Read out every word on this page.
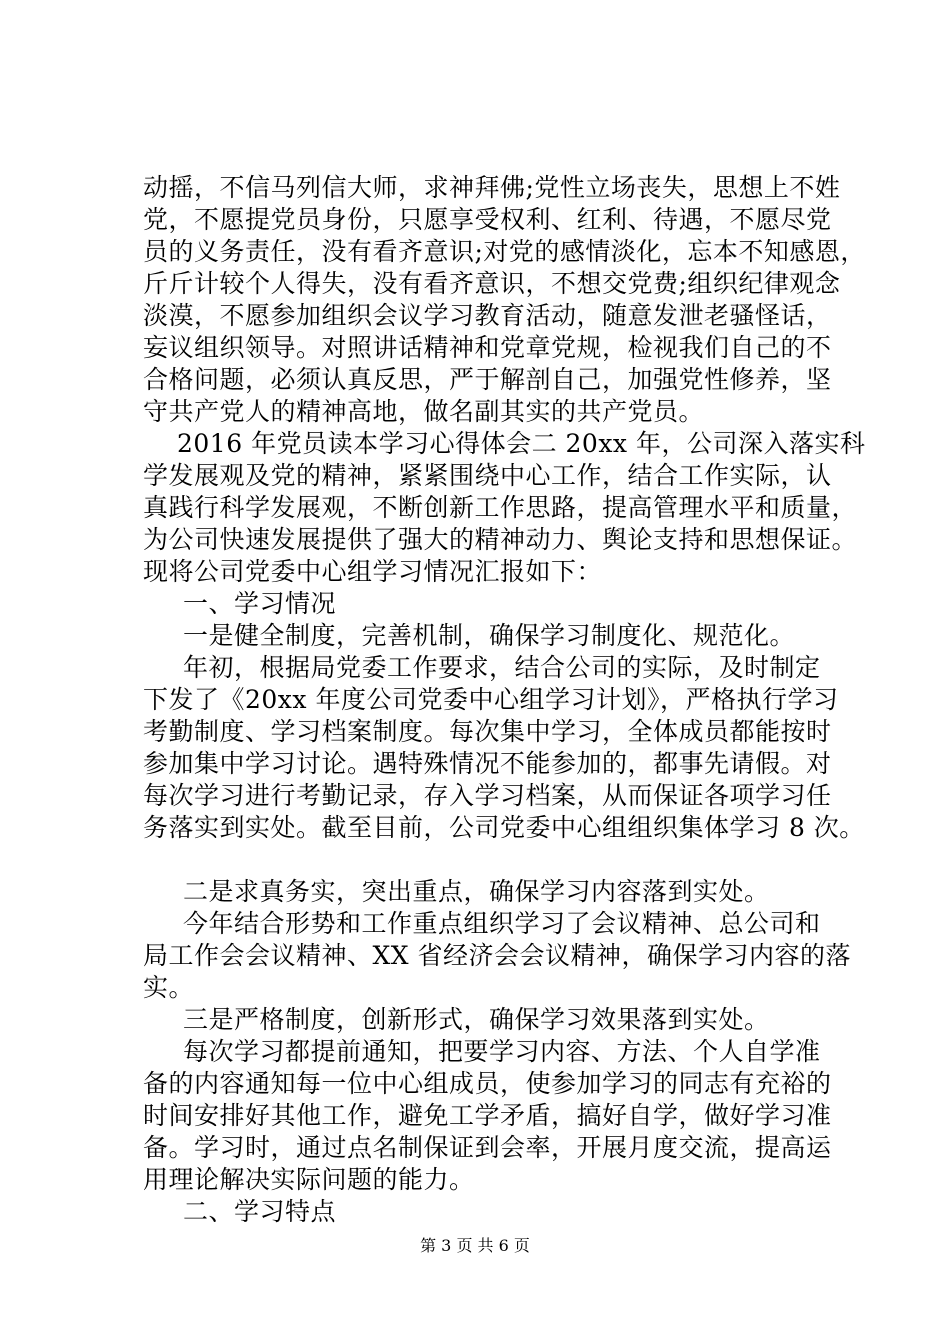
动摇，不信马列信大师，求神拜佛;党性立场丧失，思想上不姓
党，不愿提党员身份，只愿享受权利、红利、待遇，不愿尽党
员的义务责任，没有看齐意识;对党的感情淡化，忘本不知感恩，
斤斤计较个人得失，没有看齐意识，不想交党费;组织纪律观念
淡漠，不愿参加组织会议学习教育活动，随意发泄老骚怪话，
妄议组织领导。对照讲话精神和党章党规，检视我们自己的不
合格问题，必须认真反思，严于解剖自己，加强党性修养，坚
守共产党人的精神高地，做名副其实的共产党员。
2016 年党员读本学习心得体会二 20xx 年，公司深入落实科
学发展观及党的精神，紧紧围绕中心工作，结合工作实际，认
真践行科学发展观，不断创新工作思路，提高管理水平和质量，
为公司快速发展提供了强大的精神动力、舆论支持和思想保证。
现将公司党委中心组学习情况汇报如下：
一、学习情况
一是健全制度，完善机制，确保学习制度化、规范化。
年初，根据局党委工作要求，结合公司的实际，及时制定
下发了《20xx 年度公司党委中心组学习计划》，严格执行学习
考勤制度、学习档案制度。每次集中学习，全体成员都能按时
参加集中学习讨论。遇特殊情况不能参加的，都事先请假。对
每次学习进行考勤记录，存入学习档案，从而保证各项学习任
务落实到实处。截至目前，公司党委中心组组织集体学习 8 次。
二是求真务实，突出重点，确保学习内容落到实处。
今年结合形势和工作重点组织学习了会议精神、总公司和
局工作会会议精神、XX 省经济会会议精神，确保学习内容的落
实。
三是严格制度，创新形式，确保学习效果落到实处。
每次学习都提前通知，把要学习内容、方法、个人自学准
备的内容通知每一位中心组成员，使参加学习的同志有充裕的
时间安排好其他工作，避免工学矛盾，搞好自学，做好学习准
备。学习时，通过点名制保证到会率，开展月度交流，提高运
用理论解决实际问题的能力。
二、学习特点
第 3 页 共 6 页
